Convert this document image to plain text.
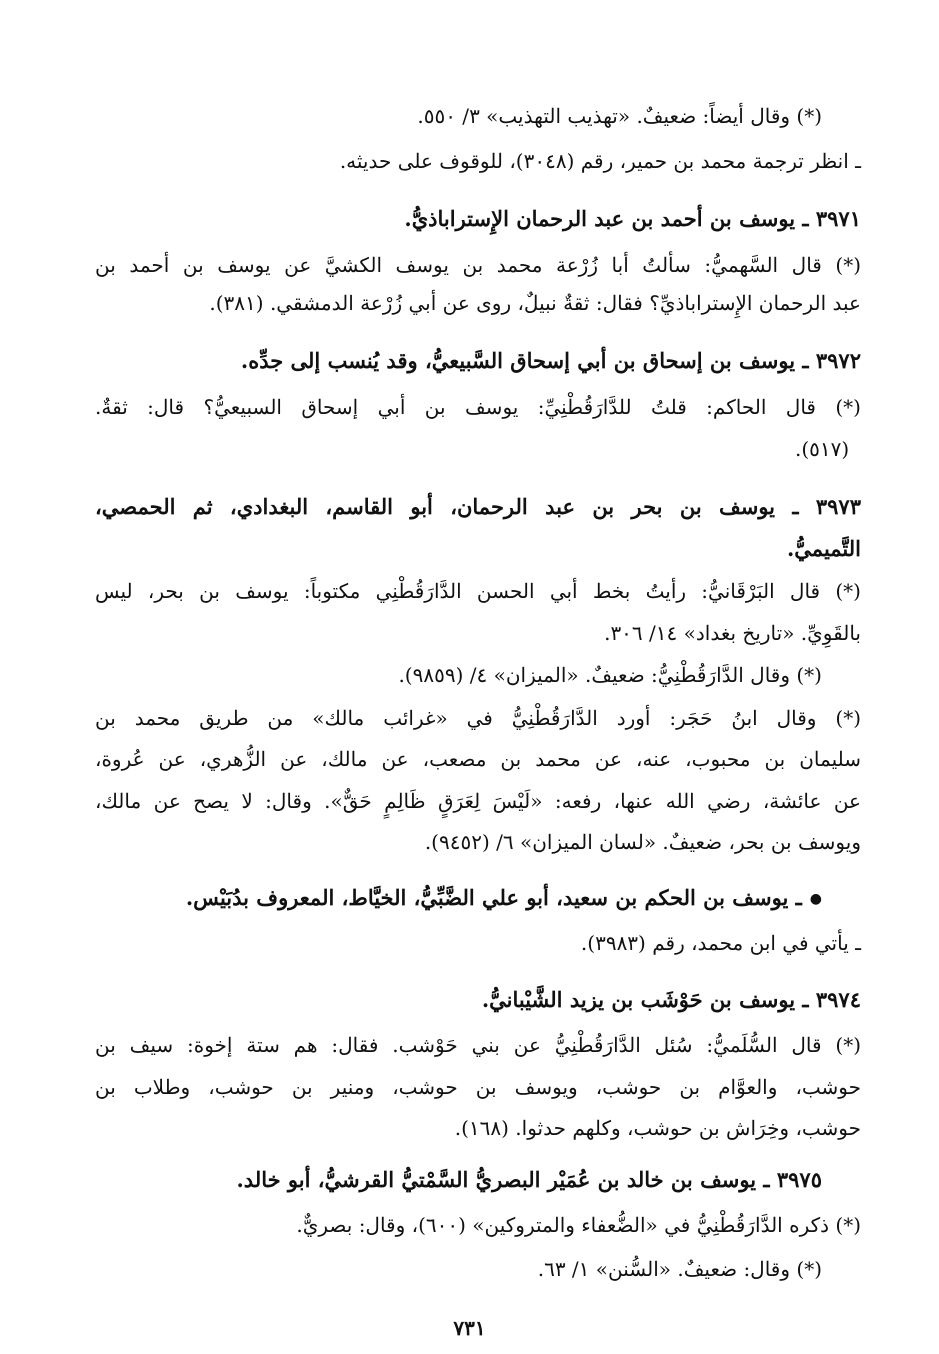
(*) وقال أيضاً: ضعيفٌ. «تهذيب التهذيب» ٣/ ٥٥٠.
ـ انظر ترجمة محمد بن حمير، رقم (٣٠٤٨)، للوقوف على حديثه.
٣٩٧١ ـ يوسف بن أحمد بن عبد الرحمان الإِستراباذيُّ.
(*) قال السَّهميُّ: سألتُ أبا زُرْعة محمد بن يوسف الكشيَّ عن يوسف بن أحمد بن
عبد الرحمان الإِستراباذيِّ؟ فقال: ثقةٌ نبيلٌ، روى عن أبي زُرْعة الدمشقي. (٣٨١).
٣٩٧٢ ـ يوسف بن إسحاق بن أبي إسحاق السَّبيعيُّ، وقد يُنسب إلى جدِّه.
(*) قال الحاكم: قلتُ للدَّارَقُطْنِيِّ: يوسف بن أبي إسحاق السبيعيُّ؟ قال: ثقةٌ.
(٥١٧).
٣٩٧٣ ـ يوسف بن بحر بن عبد الرحمان، أبو القاسم، البغدادي، ثم الحمصي،
التَّميميُّ.
(*) قال البَرْقَانيُّ: رأيتُ بخط أبي الحسن الدَّارَقُطْنِي مكتوباً: يوسف بن بحر، ليس
بالقَوِيِّ. «تاريخ بغداد» ١٤/ ٣٠٦.
(*) وقال الدَّارَقُطْنِيُّ: ضعيفٌ. «الميزان» ٤/ (٩٨٥٩).
(*) وقال ابنُ حَجَر: أورد الدَّارَقُطْنِيُّ في «غرائب مالك» من طريق محمد بن
سليمان بن محبوب، عنه، عن محمد بن مصعب، عن مالك، عن الزُّهري، عن عُروة،
عن عائشة، رضي الله عنها، رفعه: «لَيْسَ لِعَرَقٍ ظَالِمٍ حَقٌّ». وقال: لا يصح عن مالك،
ويوسف بن بحر، ضعيفٌ. «لسان الميزان» ٦/ (٩٤٥٢).
●ـ يوسف بن الحكم بن سعيد، أبو علي الضَّبِّيُّ، الخيَّاط، المعروف بدُبَيْس.
ـ يأتي في ابن محمد، رقم (٣٩٨٣).
٣٩٧٤ ـ يوسف بن حَوْشَب بن يزيد الشَّيْبانيُّ.
(*) قال السُّلَميُّ: سُئل الدَّارَقُطْنِيُّ عن بني حَوْشب. فقال: هم ستة إخوة: سيف بن
حوشب، والعوَّام بن حوشب، ويوسف بن حوشب، ومنير بن حوشب، وطلاب بن
حوشب، وخِرَاش بن حوشب، وكلهم حدثوا. (١٦٨).
٣٩٧٥ ـ يوسف بن خالد بن عُمَيْر البصريُّ السَّمْتيُّ القرشيُّ، أبو خالد.
(*) ذكره الدَّارَقُطْنِيُّ في «الضُّعفاء والمتروكين» (٦٠٠)، وقال: بصريٌّ.
(*) وقال: ضعيفٌ. «السُّنن» ١/ ٦٣.
٧٣١
